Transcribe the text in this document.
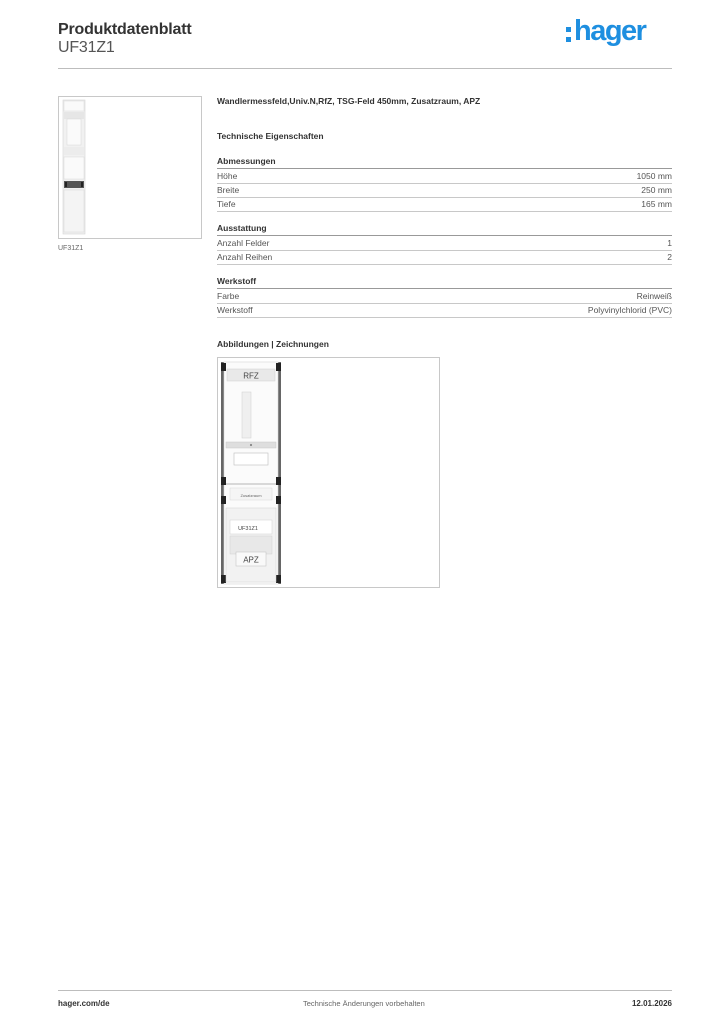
Produktdatenblatt
UF31Z1
hager
UF31Z1
Wandlermessfeld,Univ.N,RfZ, TSG-Feld 450mm, Zusatzraum, APZ
Technische Eigenschaften
Abmessungen
Höhe	1050 mm
Breite	250 mm
Tiefe	165 mm
Ausstattung
Anzahl Felder	1
Anzahl Reihen	2
Werkstoff
Farbe	Reinweiß
Werkstoff	Polyvinylchlorid (PVC)
Abbildungen | Zeichnungen
RFZ
Zusatzraum
UF31Z1
APZ
hager.com/de	Technische Änderungen vorbehalten	12.01.2026
